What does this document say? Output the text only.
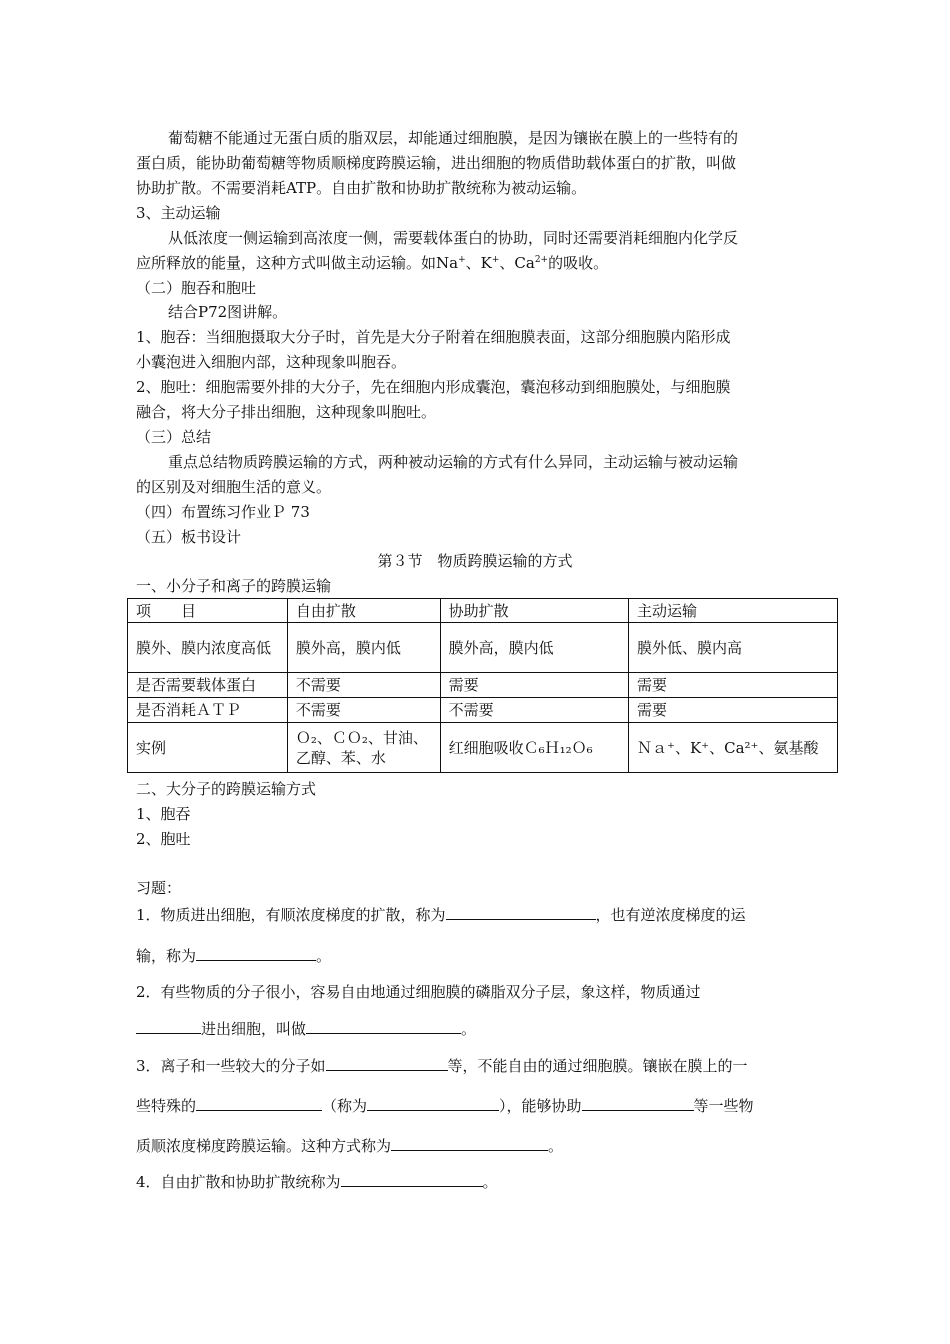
葡萄糖不能通过无蛋白质的脂双层，却能通过细胞膜，是因为镶嵌在膜上的一些特有的
蛋白质，能协助葡萄糖等物质顺梯度跨膜运输，进出细胞的物质借助载体蛋白的扩散，叫做
协助扩散。不需要消耗ATP。自由扩散和协助扩散统称为被动运输。
3、主动运输
从低浓度一侧运输到高浓度一侧，需要载体蛋白的协助，同时还需要消耗细胞内化学反
应所释放的能量，这种方式叫做主动运输。如Na+、K+、$Ca^{2+}$的吸收。
（二）胞吞和胞吐
结合P72图讲解。
1、胞吞：当细胞摄取大分子时，首先是大分子附着在细胞膜表面，这部分细胞膜内陷形成
小囊泡进入细胞内部，这种现象叫胞吞。
2、胞吐：细胞需要外排的大分子，先在细胞内形成囊泡，囊泡移动到细胞膜处，与细胞膜
融合，将大分子排出细胞，这种现象叫胞吐。
（三）总结
重点总结物质跨膜运输的方式，两种被动运输的方式有什么异同，主动运输与被动运输
的区别及对细胞生活的意义。
（四）布置练习作业Ｐ 73
（五）板书设计
第３节　物质跨膜运输的方式
一、小分子和离子的跨膜运输
项　　目	自由扩散	协助扩散	主动运输
膜外、膜内浓度高低	膜外高，膜内低	膜外高，膜内低	膜外低、膜内高
是否需要载体蛋白	不需要	需要	需要
是否消耗ＡＴＰ	不需要	不需要	需要
实例	Ｏ₂、ＣＯ₂、甘油、乙醇、苯、水	红细胞吸收Ｃ₆Ｈ₁₂Ｏ₆	Ｎａ⁺、K⁺、Ca²⁺、氨基酸
二、大分子的跨膜运输方式
1、胞吞
2、胞吐
习题：
1．物质进出细胞，有顺浓度梯度的扩散，称为	，也有逆浓度梯度的运
输，称为	。
2．有些物质的分子很小，容易自由地通过细胞膜的磷脂双分子层，象这样，物质通过
进出细胞，叫做	。
3．离子和一些较大的分子如	等，不能自由的通过细胞膜。镶嵌在膜上的一
些特殊的	（称为	），能够协助	等一些物
质顺浓度梯度跨膜运输。这种方式称为	。
4．自由扩散和协助扩散统称为	。
